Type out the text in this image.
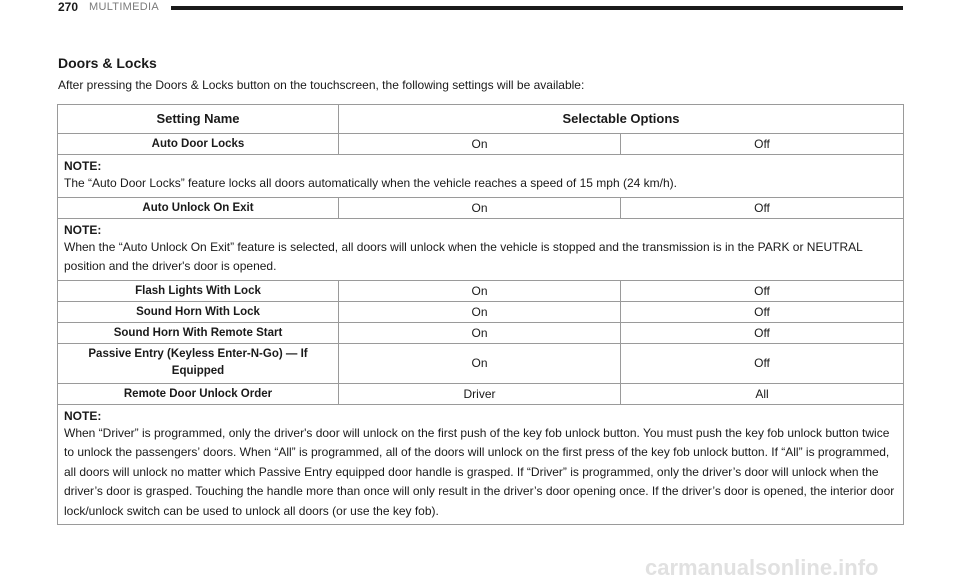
270 MULTIMEDIA
Doors & Locks
After pressing the Doors & Locks button on the touchscreen, the following settings will be available:
Setting Name	Selectable Options	
Auto Door Locks	On	Off

NOTE:
The “Auto Door Locks” feature locks all doors automatically when the vehicle reaches a speed of 15 mph (24 km/h).		
Auto Unlock On Exit	On	Off

NOTE:
When the “Auto Unlock On Exit” feature is selected, all doors will unlock when the vehicle is stopped and the transmission is in the PARK or NEUTRAL position and the driver's door is opened.		
Flash Lights With Lock	On	Off
Sound Horn With Lock	On	Off
Sound Horn With Remote Start	On	Off
Passive Entry (Keyless Enter-N-Go) — If Equipped	On	Off
Remote Door Unlock Order	Driver	All

NOTE:
When “Driver” is programmed, only the driver's door will unlock on the first push of the key fob unlock button. You must push the key fob unlock button twice to unlock the passengers’ doors. When “All” is programmed, all of the doors will unlock on the first press of the key fob unlock button. If “All” is programmed, all doors will unlock no matter which Passive Entry equipped door handle is grasped. If “Driver” is programmed, only the driver’s door will unlock when the driver’s door is grasped. Touching the handle more than once will only result in the driver’s door opening once. If the driver’s door is opened, the interior door lock/unlock switch can be used to unlock all doors (or use the key fob).		
carmanualsonline.info
